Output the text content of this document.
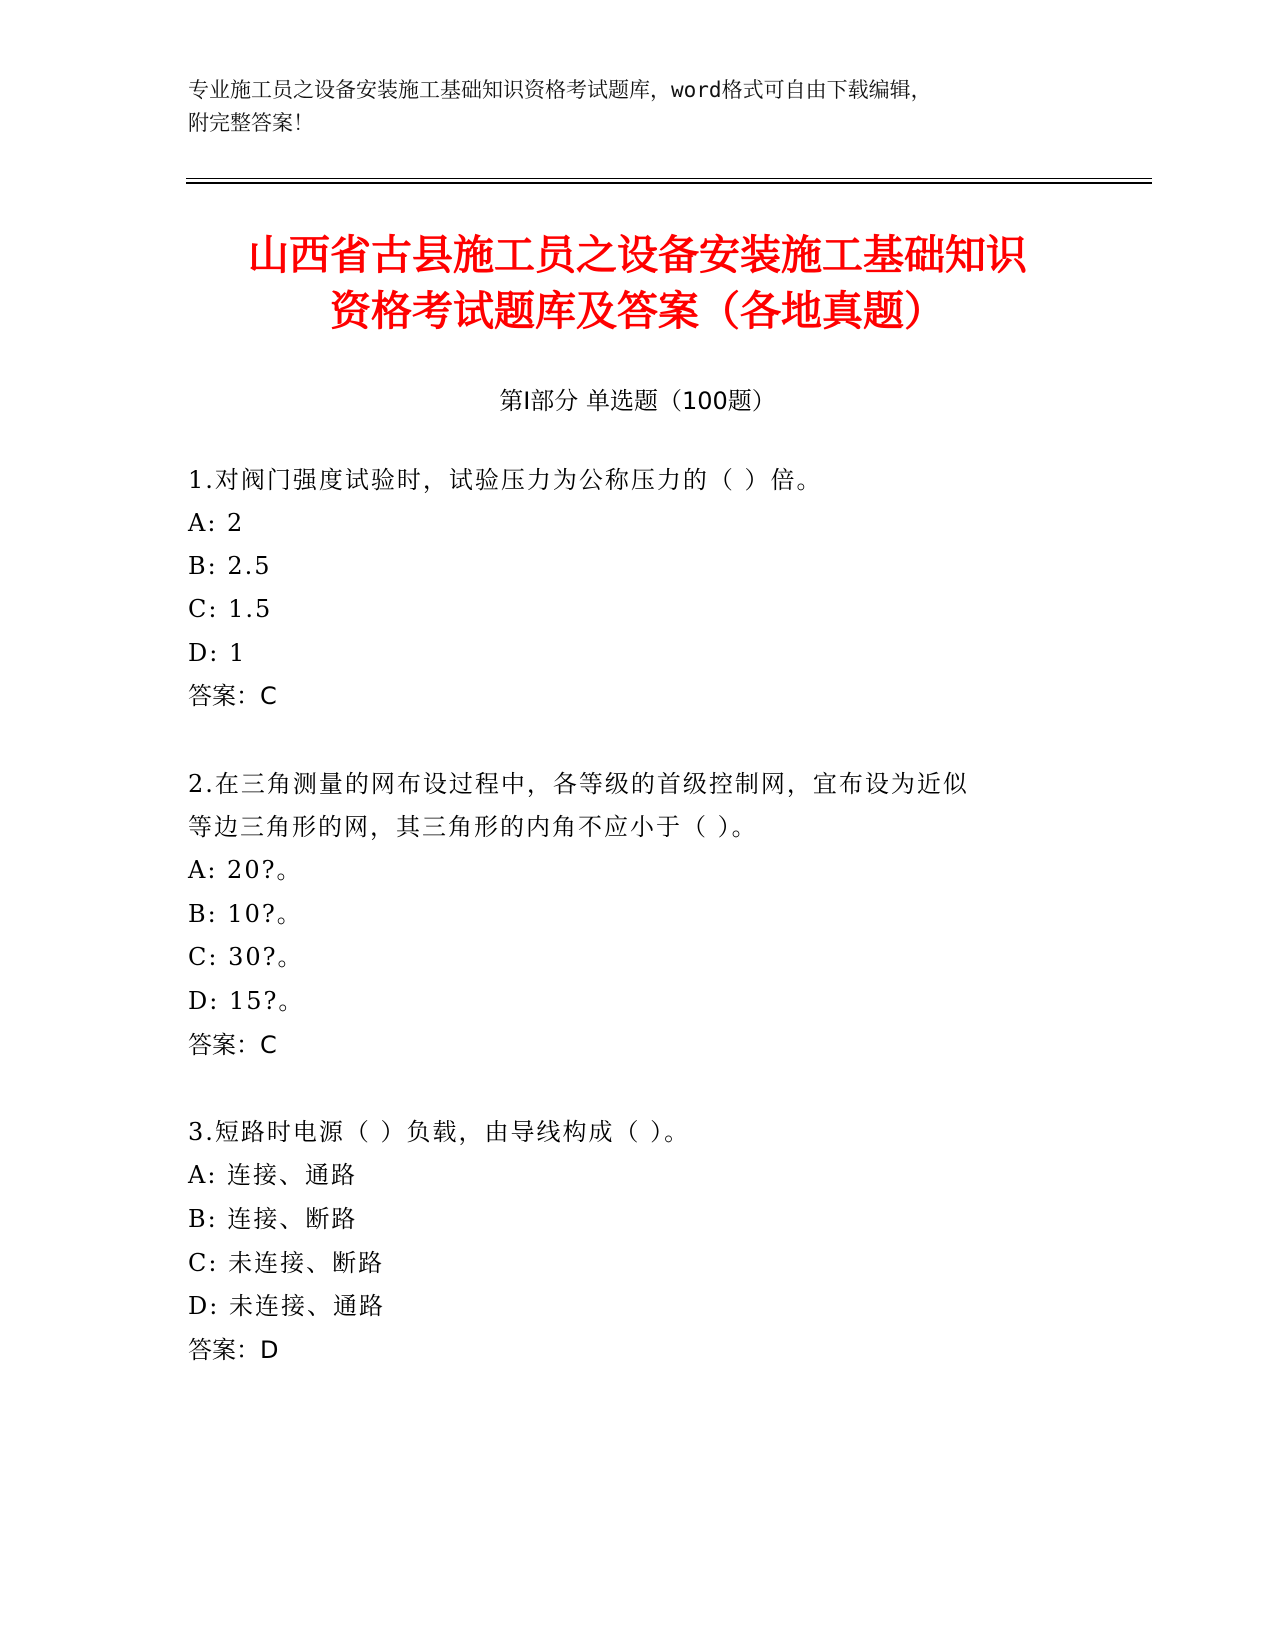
专业施工员之设备安装施工基础知识资格考试题库，word格式可自由下载编辑，
附完整答案！
山西省古县施工员之设备安装施工基础知识
资格考试题库及答案（各地真题）
第Ⅰ部分 单选题（100题）
1.对阀门强度试验时，试验压力为公称压力的（ ）倍。
A: 2
B: 2.5
C: 1.5
D: 1
答案：C
2.在三角测量的网布设过程中，各等级的首级控制网，宜布设为近似
等边三角形的网，其三角形的内角不应小于（ ）。
A: 20?。
B: 10?。
C: 30?。
D: 15?。
答案：C
3.短路时电源（ ）负载，由导线构成（ ）。
A: 连接、通路
B: 连接、断路
C: 未连接、断路
D: 未连接、通路
答案：D
